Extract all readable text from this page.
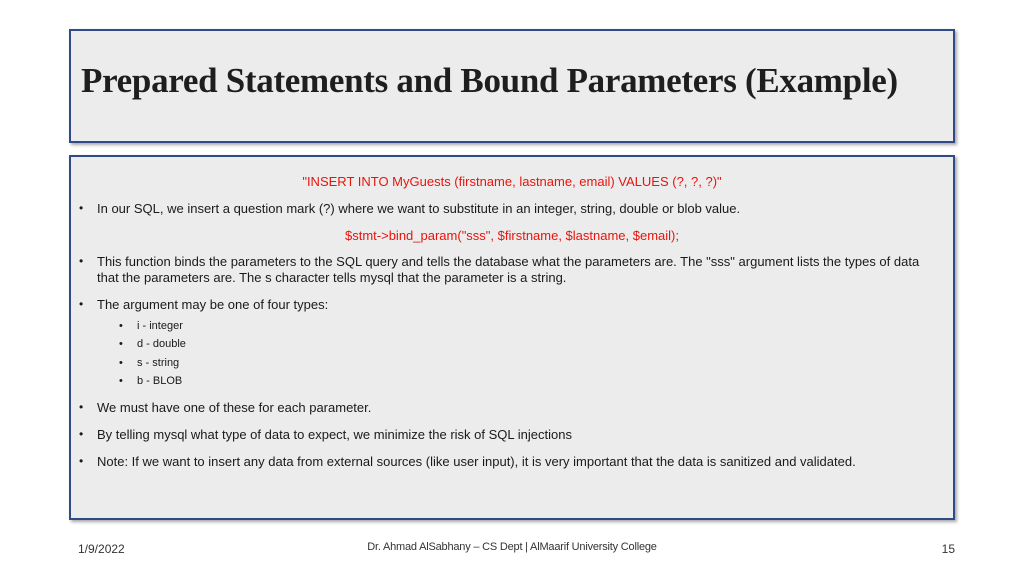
Prepared Statements and Bound Parameters (Example)
"INSERT INTO MyGuests (firstname, lastname, email) VALUES (?, ?, ?)"
• In our SQL, we insert a question mark (?) where we want to substitute in an integer, string, double or blob value.
$stmt->bind_param("sss", $firstname, $lastname, $email);
• This function binds the parameters to the SQL query and tells the database what the parameters are. The "sss" argument lists the types of data that the parameters are. The s character tells mysql that the parameter is a string.
• The argument may be one of four types:
• i - integer
• d - double
• s - string
• b - BLOB
• We must have one of these for each parameter.
• By telling mysql what type of data to expect, we minimize the risk of SQL injections
• Note: If we want to insert any data from external sources (like user input), it is very important that the data is sanitized and validated.
1/9/2022	Dr. Ahmad AlSabhany – CS Dept | AlMaarif University College	15
